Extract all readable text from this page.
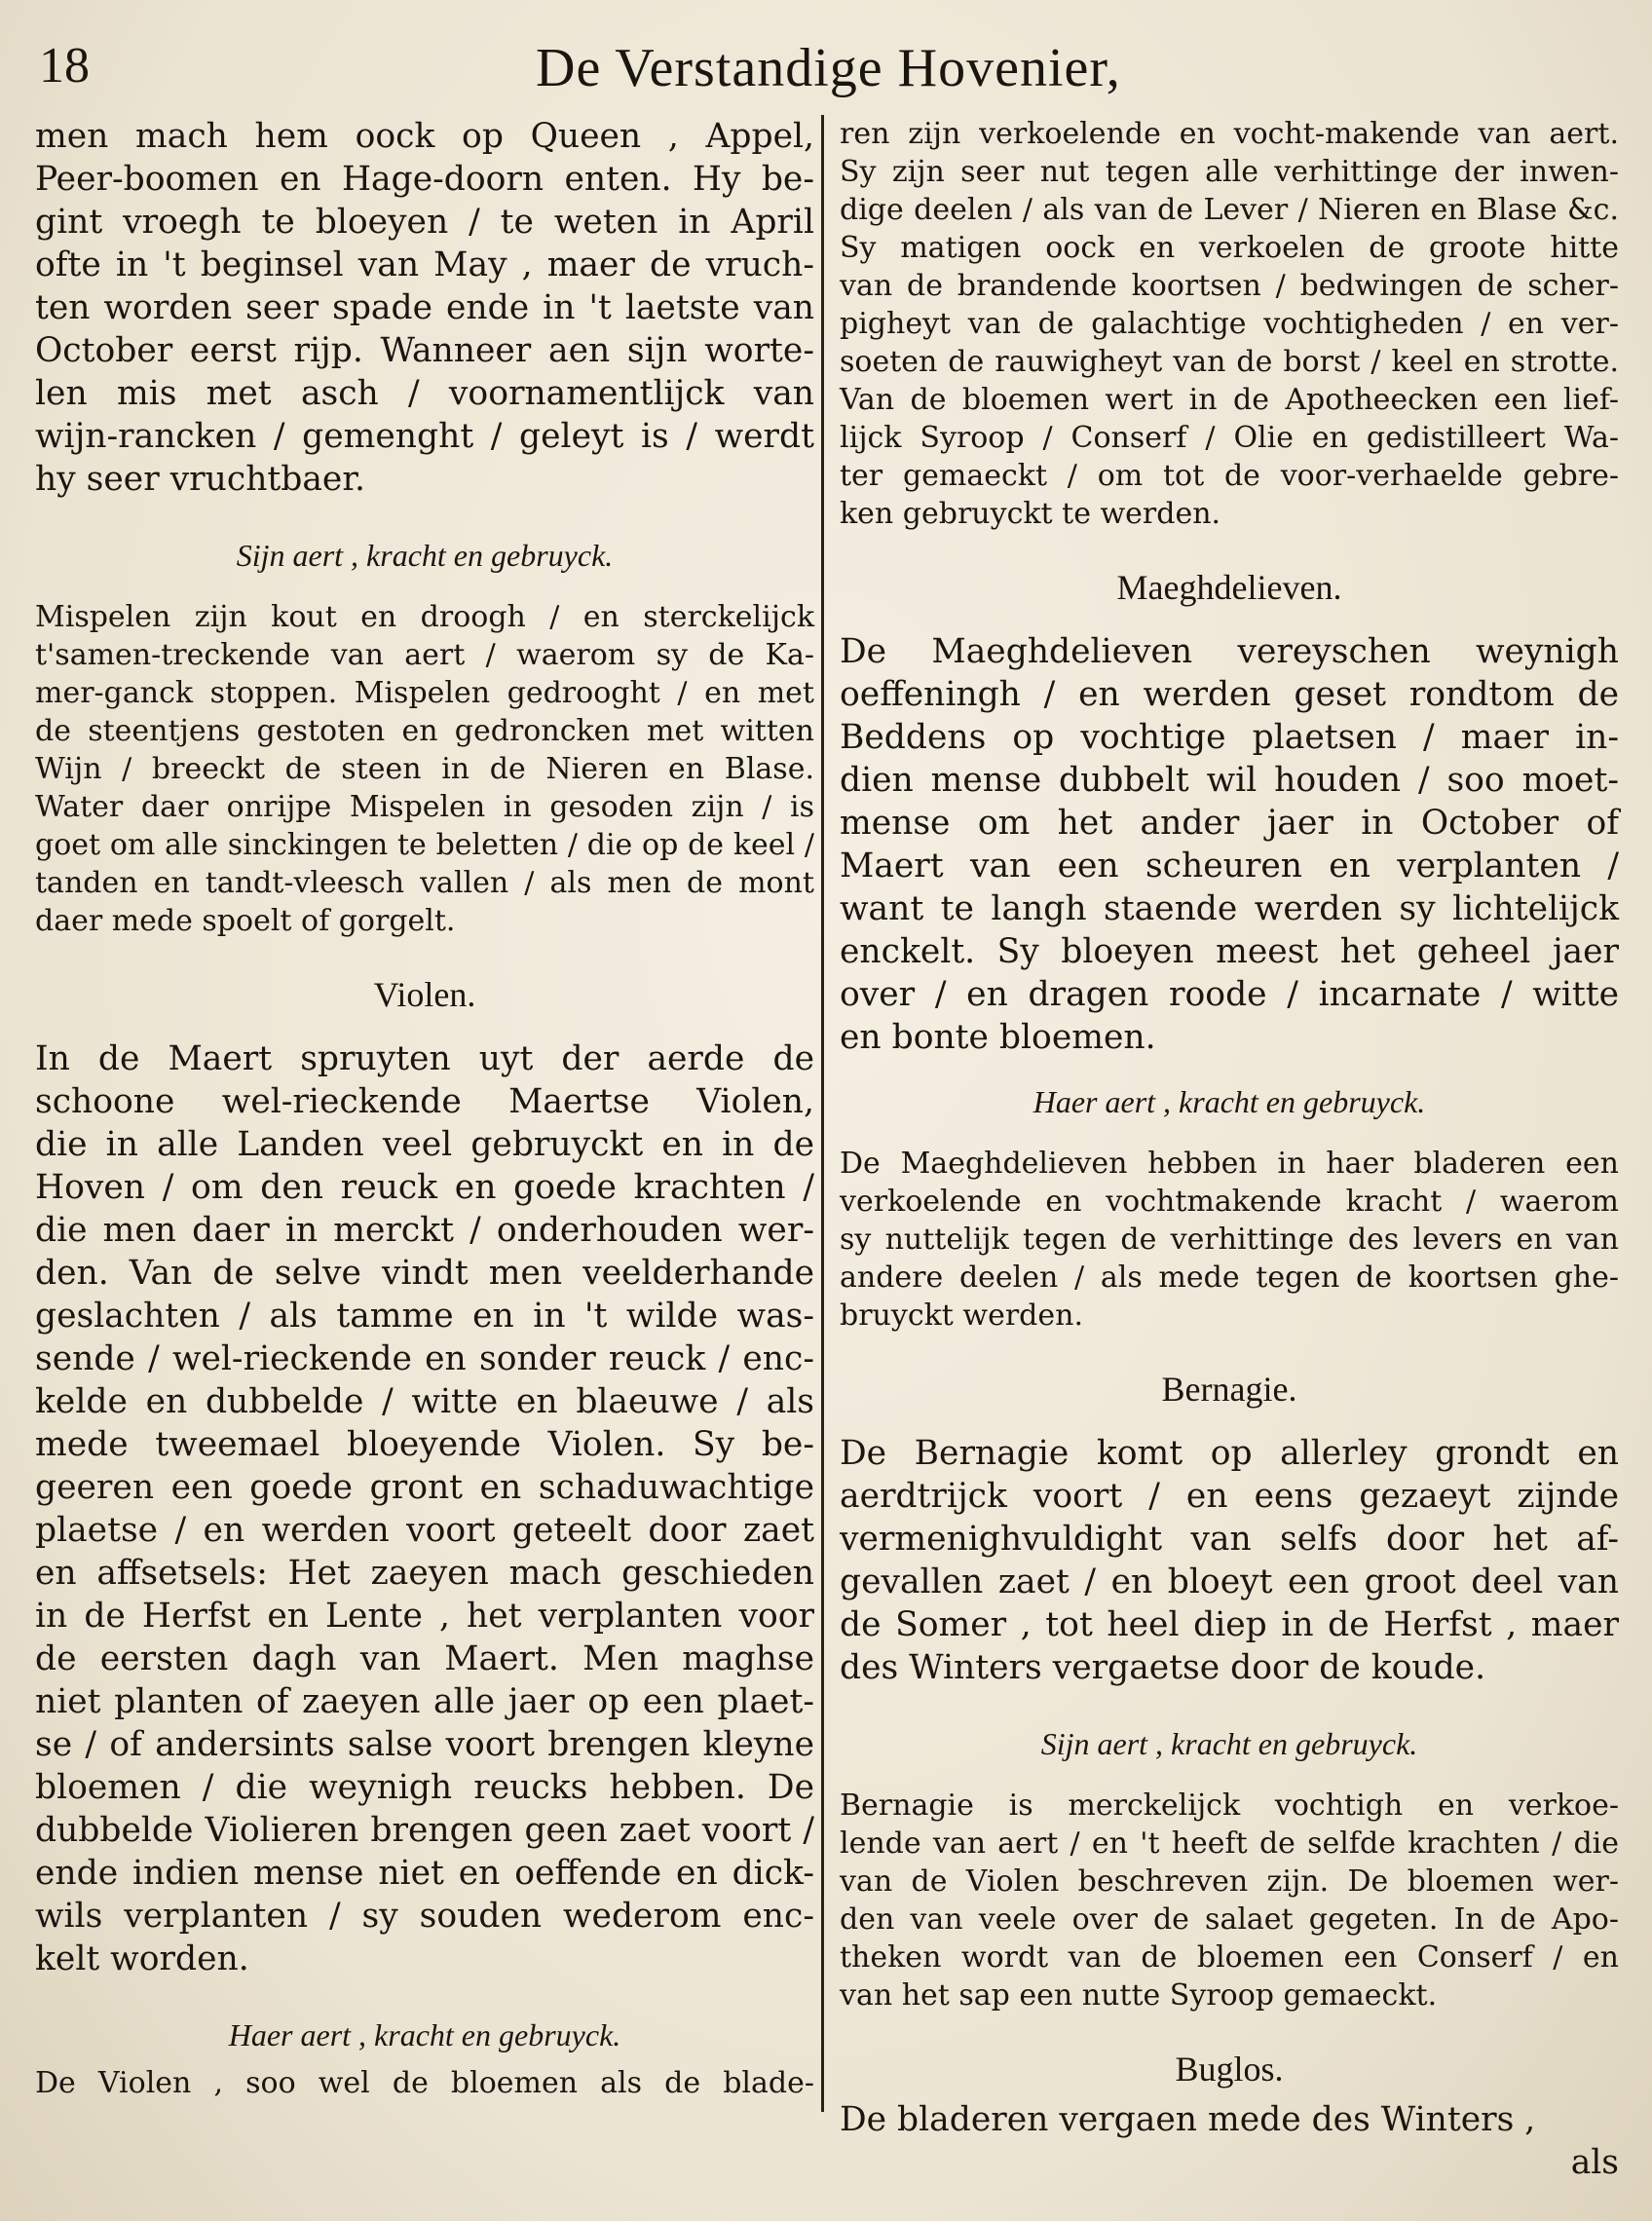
18	De Verstandige Hovenier,
men mach hem oock op Queen , Appel,
Peer-boomen en Hage-doorn enten. Hy be-
gint vroegh te bloeyen / te weten in April
ofte in 't beginsel van May , maer de vruch-
ten worden seer spade ende in 't laetste van
October eerst rijp. Wanneer aen sijn worte-
len mis met asch / voornamentlijck van
wijn-rancken / gemenght / geleyt is / werdt
hy seer vruchtbaer.
Sijn aert , kracht en gebruyck.
Mispelen zijn kout en droogh / en sterckelijck
t'samen-treckende van aert / waerom sy de Ka-
mer-ganck stoppen. Mispelen gedrooght / en met
de steentjens gestoten en gedroncken met witten
Wijn / breeckt de steen in de Nieren en Blase.
Water daer onrijpe Mispelen in gesoden zijn / is
goet om alle sinckingen te beletten / die op de keel /
tanden en tandt-vleesch vallen / als men de mont
daer mede spoelt of gorgelt.
Violen.
In de Maert spruyten uyt der aerde de
schoone wel-rieckende Maertse Violen,
die in alle Landen veel gebruyckt en in de
Hoven / om den reuck en goede krachten /
die men daer in merckt / onderhouden wer-
den. Van de selve vindt men veelderhande
geslachten / als tamme en in 't wilde was-
sende / wel-rieckende en sonder reuck / enc-
kelde en dubbelde / witte en blaeuwe / als
mede tweemael bloeyende Violen. Sy be-
geeren een goede gront en schaduwachtige
plaetse / en werden voort geteelt door zaet
en affsetsels: Het zaeyen mach geschieden
in de Herfst en Lente , het verplanten voor
de eersten dagh van Maert. Men maghse
niet planten of zaeyen alle jaer op een plaet-
se / of andersints salse voort brengen kleyne
bloemen / die weynigh reucks hebben. De
dubbelde Violieren brengen geen zaet voort /
ende indien mense niet en oeffende en dick-
wils verplanten / sy souden wederom enc-
kelt worden.
Haer aert , kracht en gebruyck.
De Violen , soo wel de bloemen als de blade-
ren zijn verkoelende en vocht-makende van aert.
Sy zijn seer nut tegen alle verhittinge der inwen-
dige deelen / als van de Lever / Nieren en Blase &c.
Sy matigen oock en verkoelen de groote hitte
van de brandende koortsen / bedwingen de scher-
pigheyt van de galachtige vochtigheden / en ver-
soeten de rauwigheyt van de borst / keel en strotte.
Van de bloemen wert in de Apotheecken een lief-
lijck Syroop / Conserf / Olie en gedistilleert Wa-
ter gemaeckt / om tot de voor-verhaelde gebre-
ken gebruyckt te werden.
Maeghdelieven.
De Maeghdelieven vereyschen weynigh
oeffeningh / en werden geset rondtom de
Beddens op vochtige plaetsen / maer in-
dien mense dubbelt wil houden / soo moet-
mense om het ander jaer in October of
Maert van een scheuren en verplanten /
want te langh staende werden sy lichtelijck
enckelt. Sy bloeyen meest het geheel jaer
over / en dragen roode / incarnate / witte
en bonte bloemen.
Haer aert , kracht en gebruyck.
De Maeghdelieven hebben in haer bladeren een
verkoelende en vochtmakende kracht / waerom
sy nuttelijk tegen de verhittinge des levers en van
andere deelen / als mede tegen de koortsen ghe-
bruyckt werden.
Bernagie.
De Bernagie komt op allerley grondt en
aerdtrijck voort / en eens gezaeyt zijnde
vermenighvuldight van selfs door het af-
gevallen zaet / en bloeyt een groot deel van
de Somer , tot heel diep in de Herfst , maer
des Winters vergaetse door de koude.
Sijn aert , kracht en gebruyck.
Bernagie is merckelijck vochtigh en verkoe-
lende van aert / en 't heeft de selfde krachten / die
van de Violen beschreven zijn. De bloemen wer-
den van veele over de salaet gegeten. In de Apo-
theken wordt van de bloemen een Conserf / en
van het sap een nutte Syroop gemaeckt.
Buglos.
De bladeren vergaen mede des Winters ,
als
